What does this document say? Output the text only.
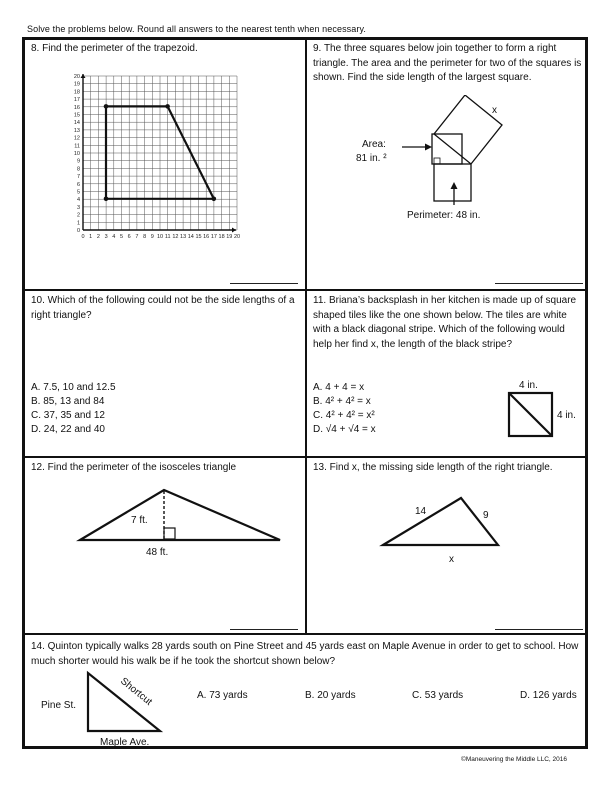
Solve the problems below. Round all answers to the nearest tenth when necessary.
8. Find the perimeter of the trapezoid.
20
19
18
17
16
15
14
13
12
11
10
9
8
7
6
5
4
3
2
1
0
0 1 2 3 4 5 6 7 8 9 10 11 12 13 14 15 16 17 18 19 20
9. The three squares below join together to form a right triangle. The area and the perimeter for two of the squares is shown. Find the side length of the largest square.
x
Area:
81 in. ²
Perimeter: 48 in.
10. Which of the following could not be the side lengths of a right triangle?
A. 7.5, 10 and 12.5
B. 85, 13 and 84
C. 37, 35 and 12
D. 24, 22 and 40
11. Briana’s backsplash in her kitchen is made up of square shaped tiles like the one shown below. The tiles are white with a black diagonal stripe. Which of the following would help her find x, the length of the black stripe?
A. 4 + 4 = x
B. 4² + 4² = x
C. 4² + 4² = x²
D. √4 + √4 = x
4 in.
4 in.
12. Find the perimeter of the isosceles triangle
7 ft.
48 ft.
13. Find x, the missing side length of the right triangle.
14	9
x
14. Quinton typically walks 28 yards south on Pine Street and 45 yards east on Maple Avenue in order to get to school. How much shorter would his walk be if he took the shortcut shown below?
Pine St.
Maple Ave.
Shortcut	A. 73 yards	B. 20 yards	C. 53 yards	D. 126 yards
©Maneuvering the Middle LLC, 2016
